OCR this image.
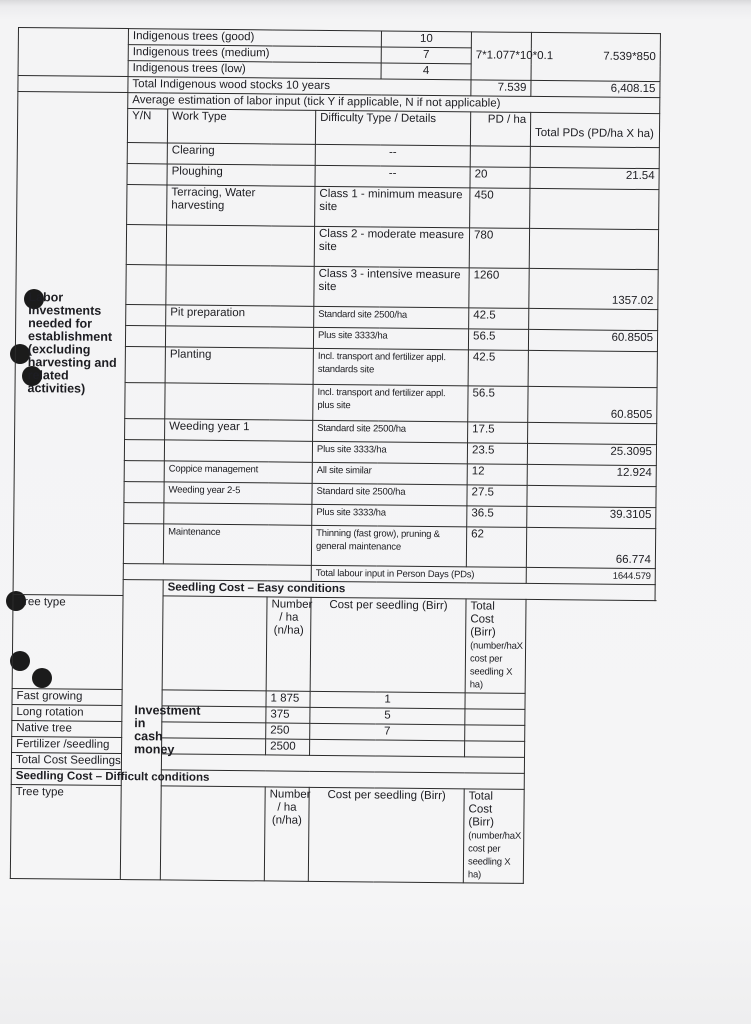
	Indigenous trees (good)				10	7*1.077*10*0.1	7.539*850
	Indigenous trees (medium)				7		
	Indigenous trees (low)				4		
	Total Indigenous wood stocks 10 years					7.539	6,408.15
Labor Investments needed for establishment (excluding harvesting and related activities)	Average estimation of labor input (tick Y if applicable, N if not applicable)						
	Y/N	Work Type		Difficulty Type / Details		PD / ha	Total PDs (PD/ha X ha)
		Clearing		--			
		Ploughing		--		20	21.54
		Terracing, Water harvesting		Class 1 - minimum measure site		450	
				Class 2 - moderate measure site		780	
				Class 3 - intensive measure site		1260	1357.02
		Pit preparation		Standard site 2500/ha		42.5	
				Plus site 3333/ha		56.5	60.8505
		Planting		Incl. transport and fertilizer appl. standards site		42.5	
				Incl. transport and fertilizer appl. plus site		56.5	60.8505
		Weeding year 1		Standard site 2500/ha		17.5	
				Plus site 3333/ha		23.5	25.3095
		Coppice management		All site similar		12	12.924
		Weeding year 2-5		Standard site 2500/ha		27.5	
				Plus site 3333/ha		36.5	39.3105
		Maintenance		Thinning (fast grow), pruning & general maintenance		62	66.774
				Total labour input in Person Days (PDs)			1644.579
	Investment in cash money	Seedling Cost – Easy conditions					
Tree type			Number / ha (n/ha)	Cost per seedling (Birr)		Total Cost (Birr)
(number/haX cost per seedling X ha)	
Fast growing			1 875	1			
Long rotation			375	5			
Native tree			250	7			
Fertilizer /seedling			2500				
Total Cost Seedlings							
Seedling Cost – Difficult conditions							
Tree type			Number / ha (n/ha)	Cost per seedling (Birr)		Total Cost (Birr)
(number/haX cost per seedling X ha)	
